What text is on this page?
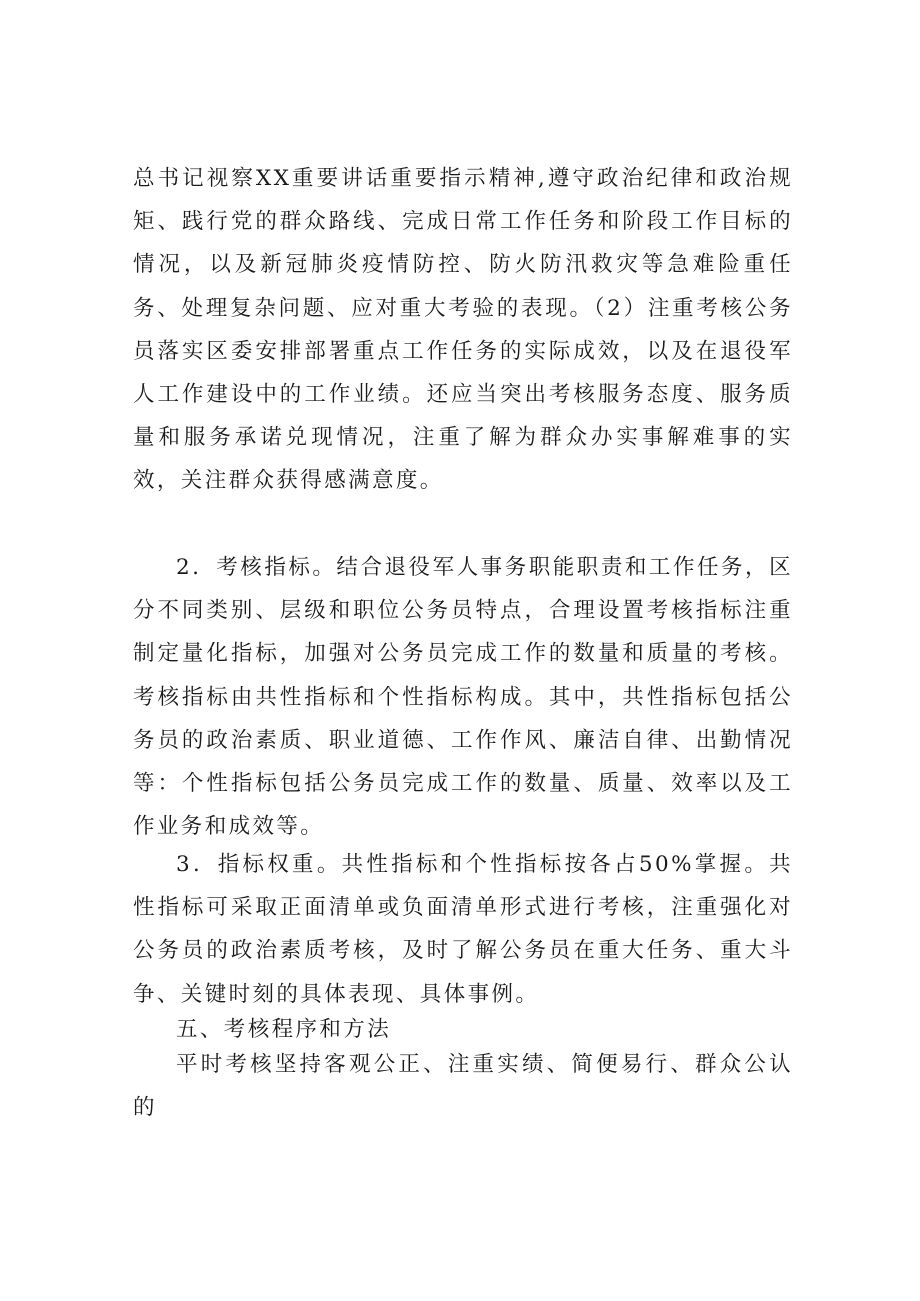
总书记视察XX重要讲话重要指示精神,遵守政治纪律和政治规矩、践行党的群众路线、完成日常工作任务和阶段工作目标的情况，以及新冠肺炎疫情防控、防火防汛救灾等急难险重任务、处理复杂问题、应对重大考验的表现。（2）注重考核公务员落实区委安排部署重点工作任务的实际成效，以及在退役军人工作建设中的工作业绩。还应当突出考核服务态度、服务质量和服务承诺兑现情况，注重了解为群众办实事解难事的实效，关注群众获得感满意度。

2．考核指标。结合退役军人事务职能职责和工作任务，区分不同类别、层级和职位公务员特点，合理设置考核指标注重制定量化指标，加强对公务员完成工作的数量和质量的考核。考核指标由共性指标和个性指标构成。其中，共性指标包括公务员的政治素质、职业道德、工作作风、廉洁自律、出勤情况等：个性指标包括公务员完成工作的数量、质量、效率以及工作业务和成效等。

3．指标权重。共性指标和个性指标按各占50%掌握。共性指标可采取正面清单或负面清单形式进行考核，注重强化对公务员的政治素质考核，及时了解公务员在重大任务、重大斗争、关键时刻的具体表现、具体事例。

五、考核程序和方法

平时考核坚持客观公正、注重实绩、简便易行、群众公认的
